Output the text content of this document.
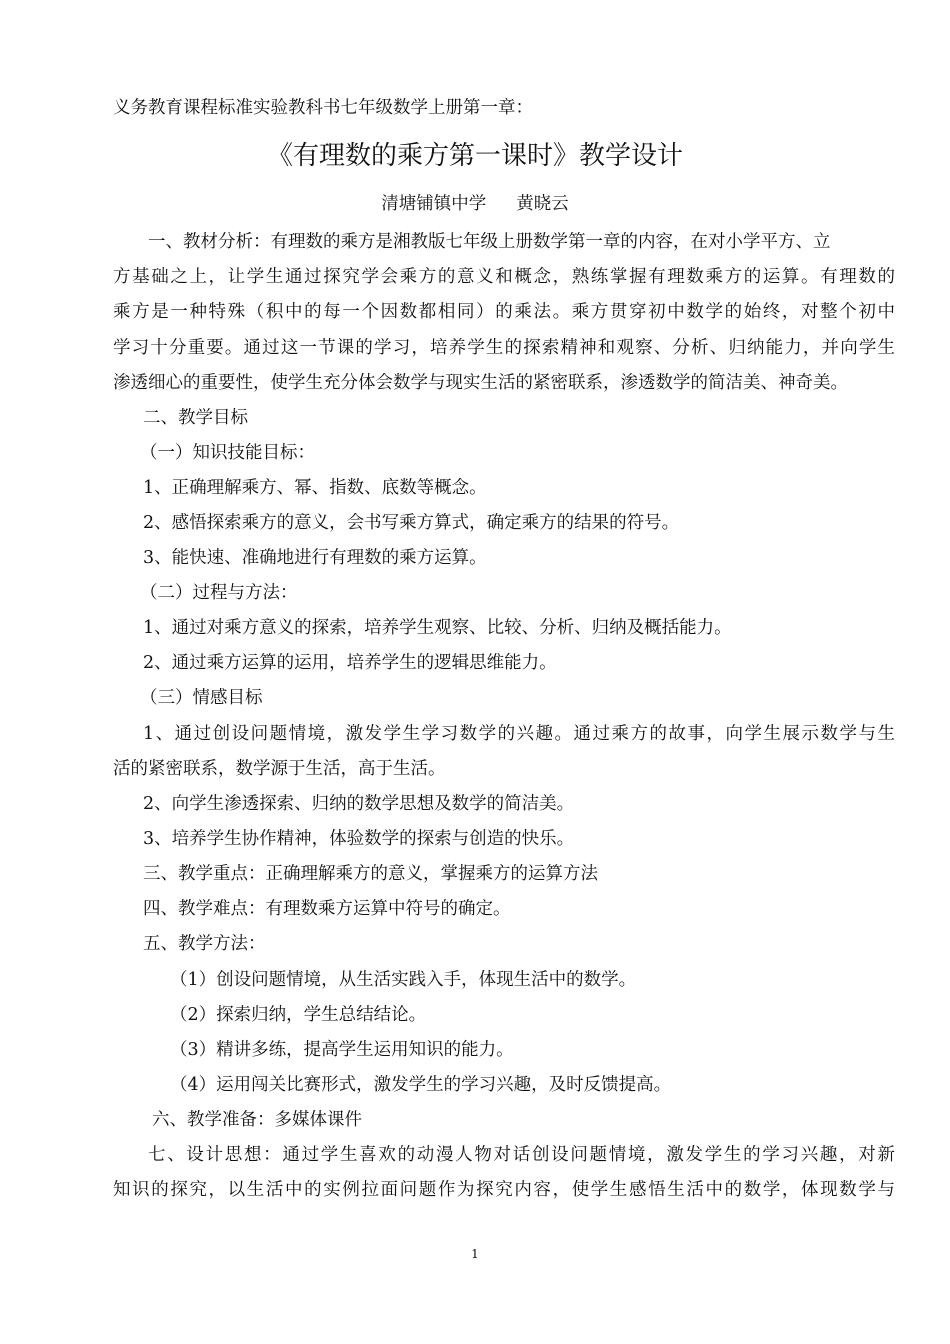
义务教育课程标准实验教科书七年级数学上册第一章：
《有理数的乘方第一课时》教学设计
清塘铺镇中学 黄晓云
一、教材分析：有理数的乘方是湘教版七年级上册数学第一章的内容，在对小学平方、立
方基础之上，让学生通过探究学会乘方的意义和概念，熟练掌握有理数乘方的运算。有理数的
乘方是一种特殊（积中的每一个因数都相同）的乘法。乘方贯穿初中数学的始终，对整个初中
学习十分重要。通过这一节课的学习，培养学生的探索精神和观察、分析、归纳能力，并向学生
渗透细心的重要性，使学生充分体会数学与现实生活的紧密联系，渗透数学的简洁美、神奇美。
二、教学目标
（一）知识技能目标：
1、正确理解乘方、幂、指数、底数等概念。
2、感悟探索乘方的意义，会书写乘方算式，确定乘方的结果的符号。
3、能快速、准确地进行有理数的乘方运算。
（二）过程与方法：
1、通过对乘方意义的探索，培养学生观察、比较、分析、归纳及概括能力。
2、通过乘方运算的运用，培养学生的逻辑思维能力。
（三）情感目标
1、通过创设问题情境，激发学生学习数学的兴趣。通过乘方的故事，向学生展示数学与生
活的紧密联系，数学源于生活，高于生活。
2、向学生渗透探索、归纳的数学思想及数学的简洁美。
3、培养学生协作精神，体验数学的探索与创造的快乐。
三、教学重点：正确理解乘方的意义，掌握乘方的运算方法
四、教学难点：有理数乘方运算中符号的确定。
五、教学方法：
（1）创设问题情境，从生活实践入手，体现生活中的数学。
（2）探索归纳，学生总结结论。
（3）精讲多练，提高学生运用知识的能力。
（4）运用闯关比赛形式，激发学生的学习兴趣，及时反馈提高。
六、教学准备：多媒体课件
七、设计思想：通过学生喜欢的动漫人物对话创设问题情境，激发学生的学习兴趣，对新
知识的探究，以生活中的实例拉面问题作为探究内容，使学生感悟生活中的数学，体现数学与
1
